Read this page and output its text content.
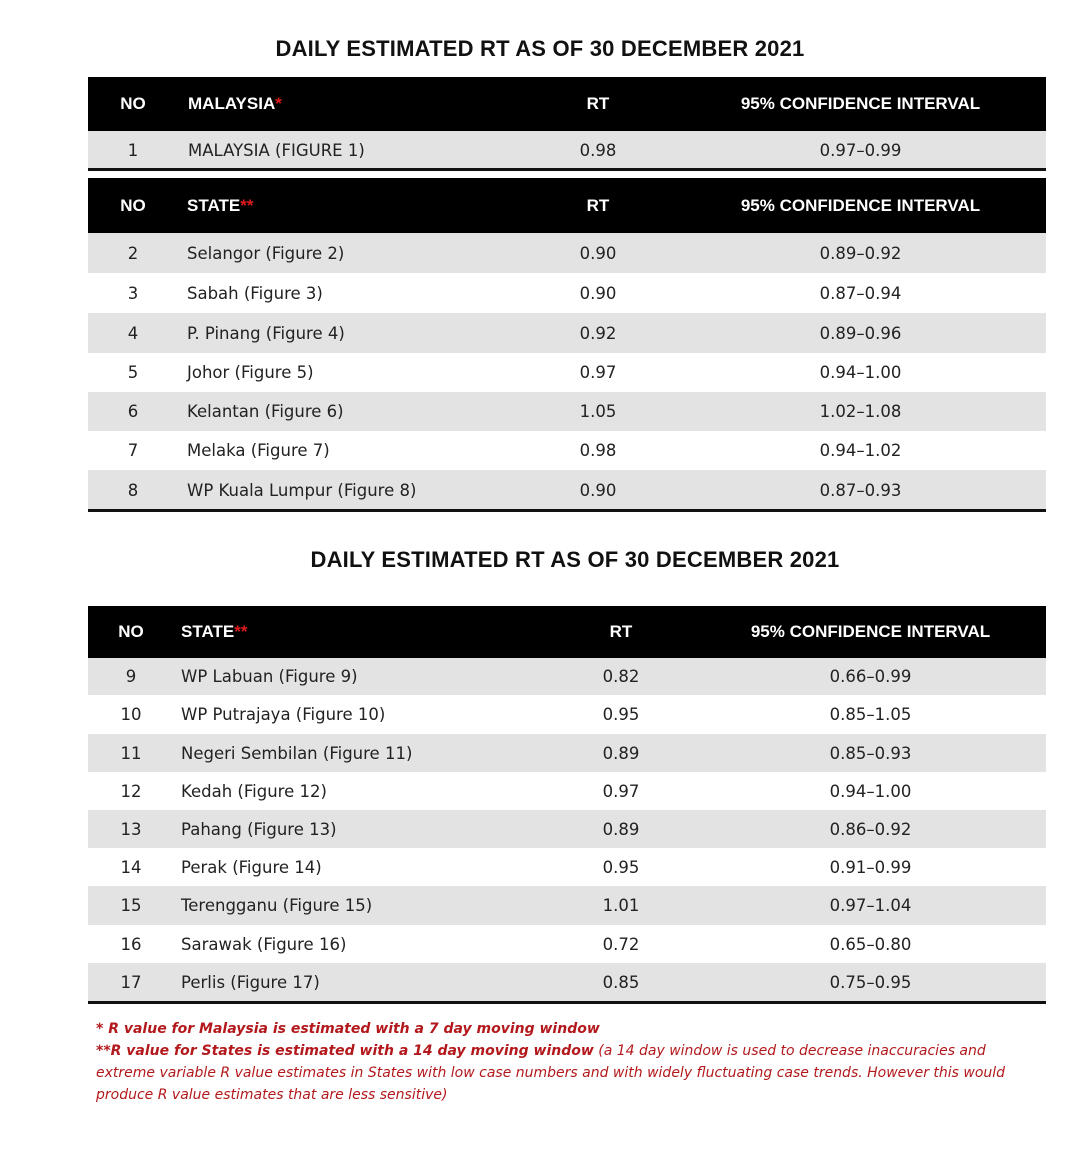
DAILY ESTIMATED RT AS OF 30 DECEMBER 2021
NO	MALAYSIA *	RT	95% CONFIDENCE INTERVAL
1	MALAYSIA (FIGURE 1)	0.98	0.97–0.99
NO	STATE **	RT	95% CONFIDENCE INTERVAL
2	Selangor (Figure 2)	0.90	0.89–0.92
3	Sabah (Figure 3)	0.90	0.87–0.94
4	P. Pinang (Figure 4)	0.92	0.89–0.96
5	Johor (Figure 5)	0.97	0.94–1.00
6	Kelantan (Figure 6)	1.05	1.02–1.08
7	Melaka (Figure 7)	0.98	0.94–1.02
8	WP Kuala Lumpur (Figure 8)	0.90	0.87–0.93
DAILY ESTIMATED RT AS OF 30 DECEMBER 2021
NO	STATE **	RT	95% CONFIDENCE INTERVAL
9	WP Labuan (Figure 9)	0.82	0.66–0.99
10	WP Putrajaya (Figure 10)	0.95	0.85–1.05
11	Negeri Sembilan (Figure 11)	0.89	0.85–0.93
12	Kedah (Figure 12)	0.97	0.94–1.00
13	Pahang (Figure 13)	0.89	0.86–0.92
14	Perak (Figure 14)	0.95	0.91–0.99
15	Terengganu (Figure 15)	1.01	0.97–1.04
16	Sarawak (Figure 16)	0.72	0.65–0.80
17	Perlis (Figure 17)	0.85	0.75–0.95
* R value for Malaysia is estimated with a 7 day moving window
**R value for States is estimated with a 14 day moving window (a 14 day window is used to decrease inaccuracies and extreme variable R value estimates in States with low case numbers and with widely fluctuating case trends. However this would produce R value estimates that are less sensitive)
